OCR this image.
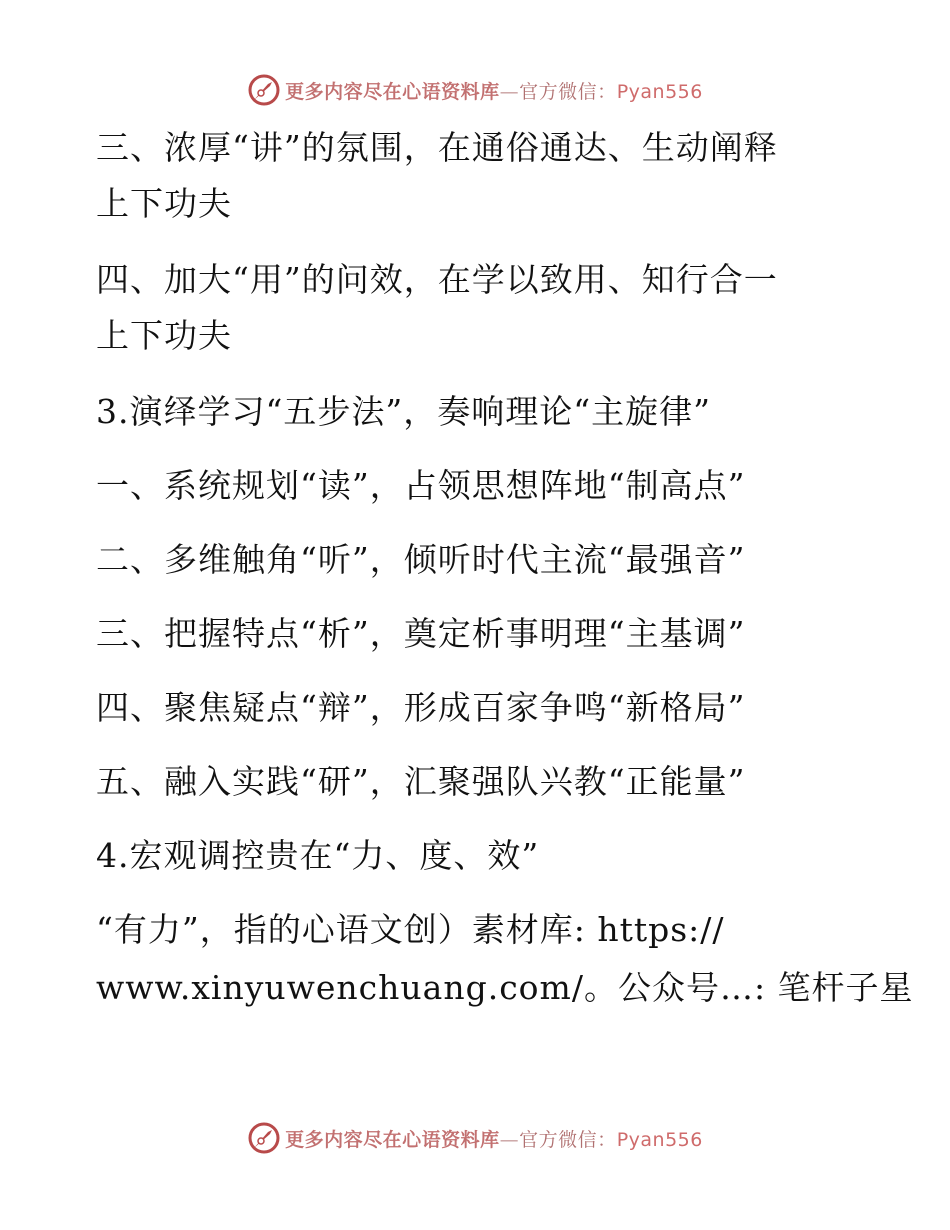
更多内容尽在心语资料库—官方微信：Pyan556
三、浓厚“讲”的氛围，在通俗通达、生动阐释
上下功夫
四、加大“用”的问效，在学以致用、知行合一
上下功夫
3.演绎学习“五步法”，奏响理论“主旋律”
一、系统规划“读”，占领思想阵地“制高点”
二、多维触角“听”，倾听时代主流“最强音”
三、把握特点“析”，奠定析事明理“主基调”
四、聚焦疑点“辩”，形成百家争鸣“新格局”
五、融入实践“研”，汇聚强队兴教“正能量”
4.宏观调控贵在“力、度、效”
“有力”，指的心语文创）素材库: https://
www.xinyuwenchuang.com/。公众号…: 笔杆子星
更多内容尽在心语资料库—官方微信：Pyan556
